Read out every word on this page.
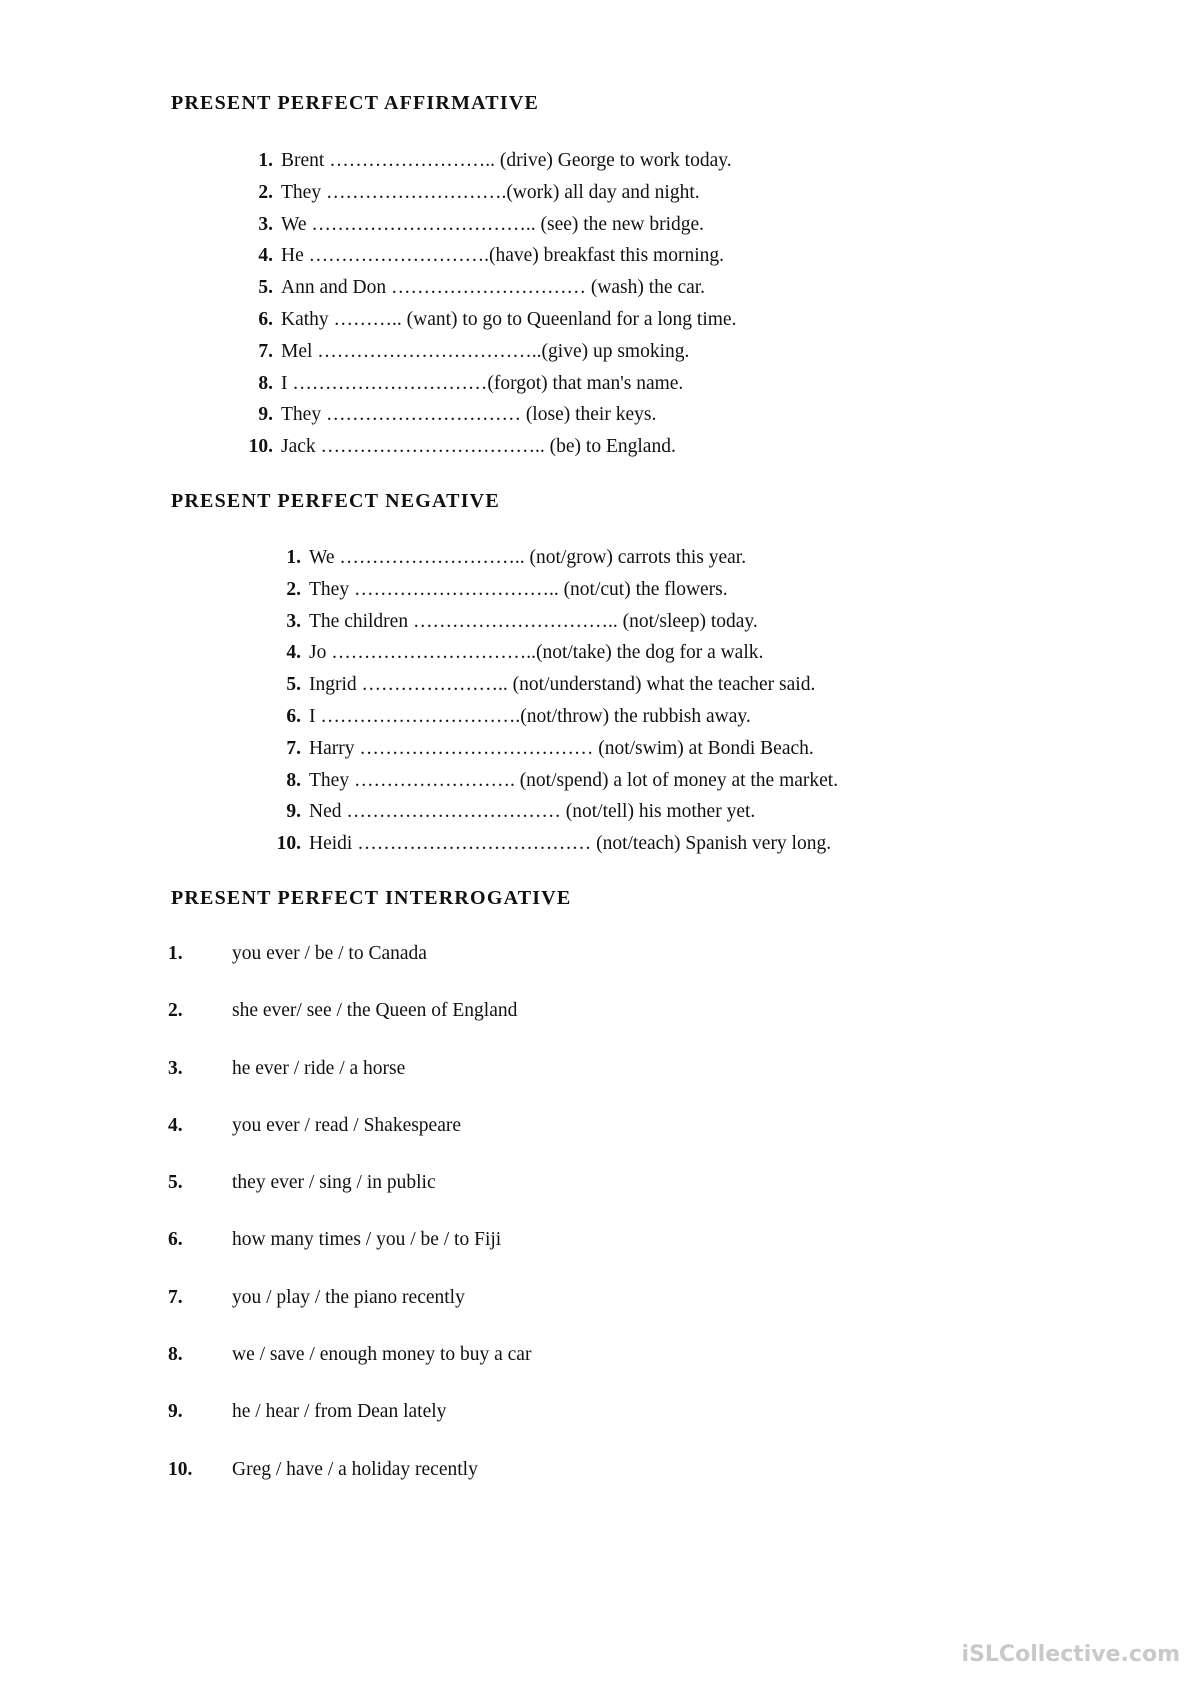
PRESENT PERFECT AFFIRMATIVE
1. Brent …………………….. (drive) George to work today.
2. They ……………………….(work) all day and night.
3. We …………………………….. (see) the new bridge.
4. He ……………………….(have) breakfast this morning.
5. Ann and Don ………………………… (wash) the car.
6. Kathy ……….. (want) to go to Queenland for a long time.
7. Mel ……………………………..(give) up smoking.
8. I …………………………(forgot) that man's name.
9. They ………………………… (lose) their keys.
10. Jack …………………………….. (be) to England.
PRESENT PERFECT NEGATIVE
1. We ……………………….. (not/grow) carrots this year.
2. They ………………………….. (not/cut) the flowers.
3. The children ………………………….. (not/sleep) today.
4. Jo …………………………..(not/take) the dog for a walk.
5. Ingrid ………………….. (not/understand) what the teacher said.
6. I ………………………….(not/throw) the rubbish away.
7. Harry ……………………………… (not/swim) at Bondi Beach.
8. They ……………………. (not/spend) a lot of money at the market.
9. Ned …………………………… (not/tell) his mother yet.
10. Heidi ……………………………… (not/teach) Spanish very long.
PRESENT PERFECT INTERROGATIVE
1.	you ever / be / to Canada
2.	she ever/ see / the Queen of England
3.	he ever / ride / a horse
4.	you ever / read / Shakespeare
5.	they ever / sing / in public
6.	how many times / you / be / to Fiji
7.	you / play / the piano recently
8.	we / save / enough money to buy a car
9.	he / hear / from Dean lately
10.	Greg / have / a holiday recently
iSLCollective.com
